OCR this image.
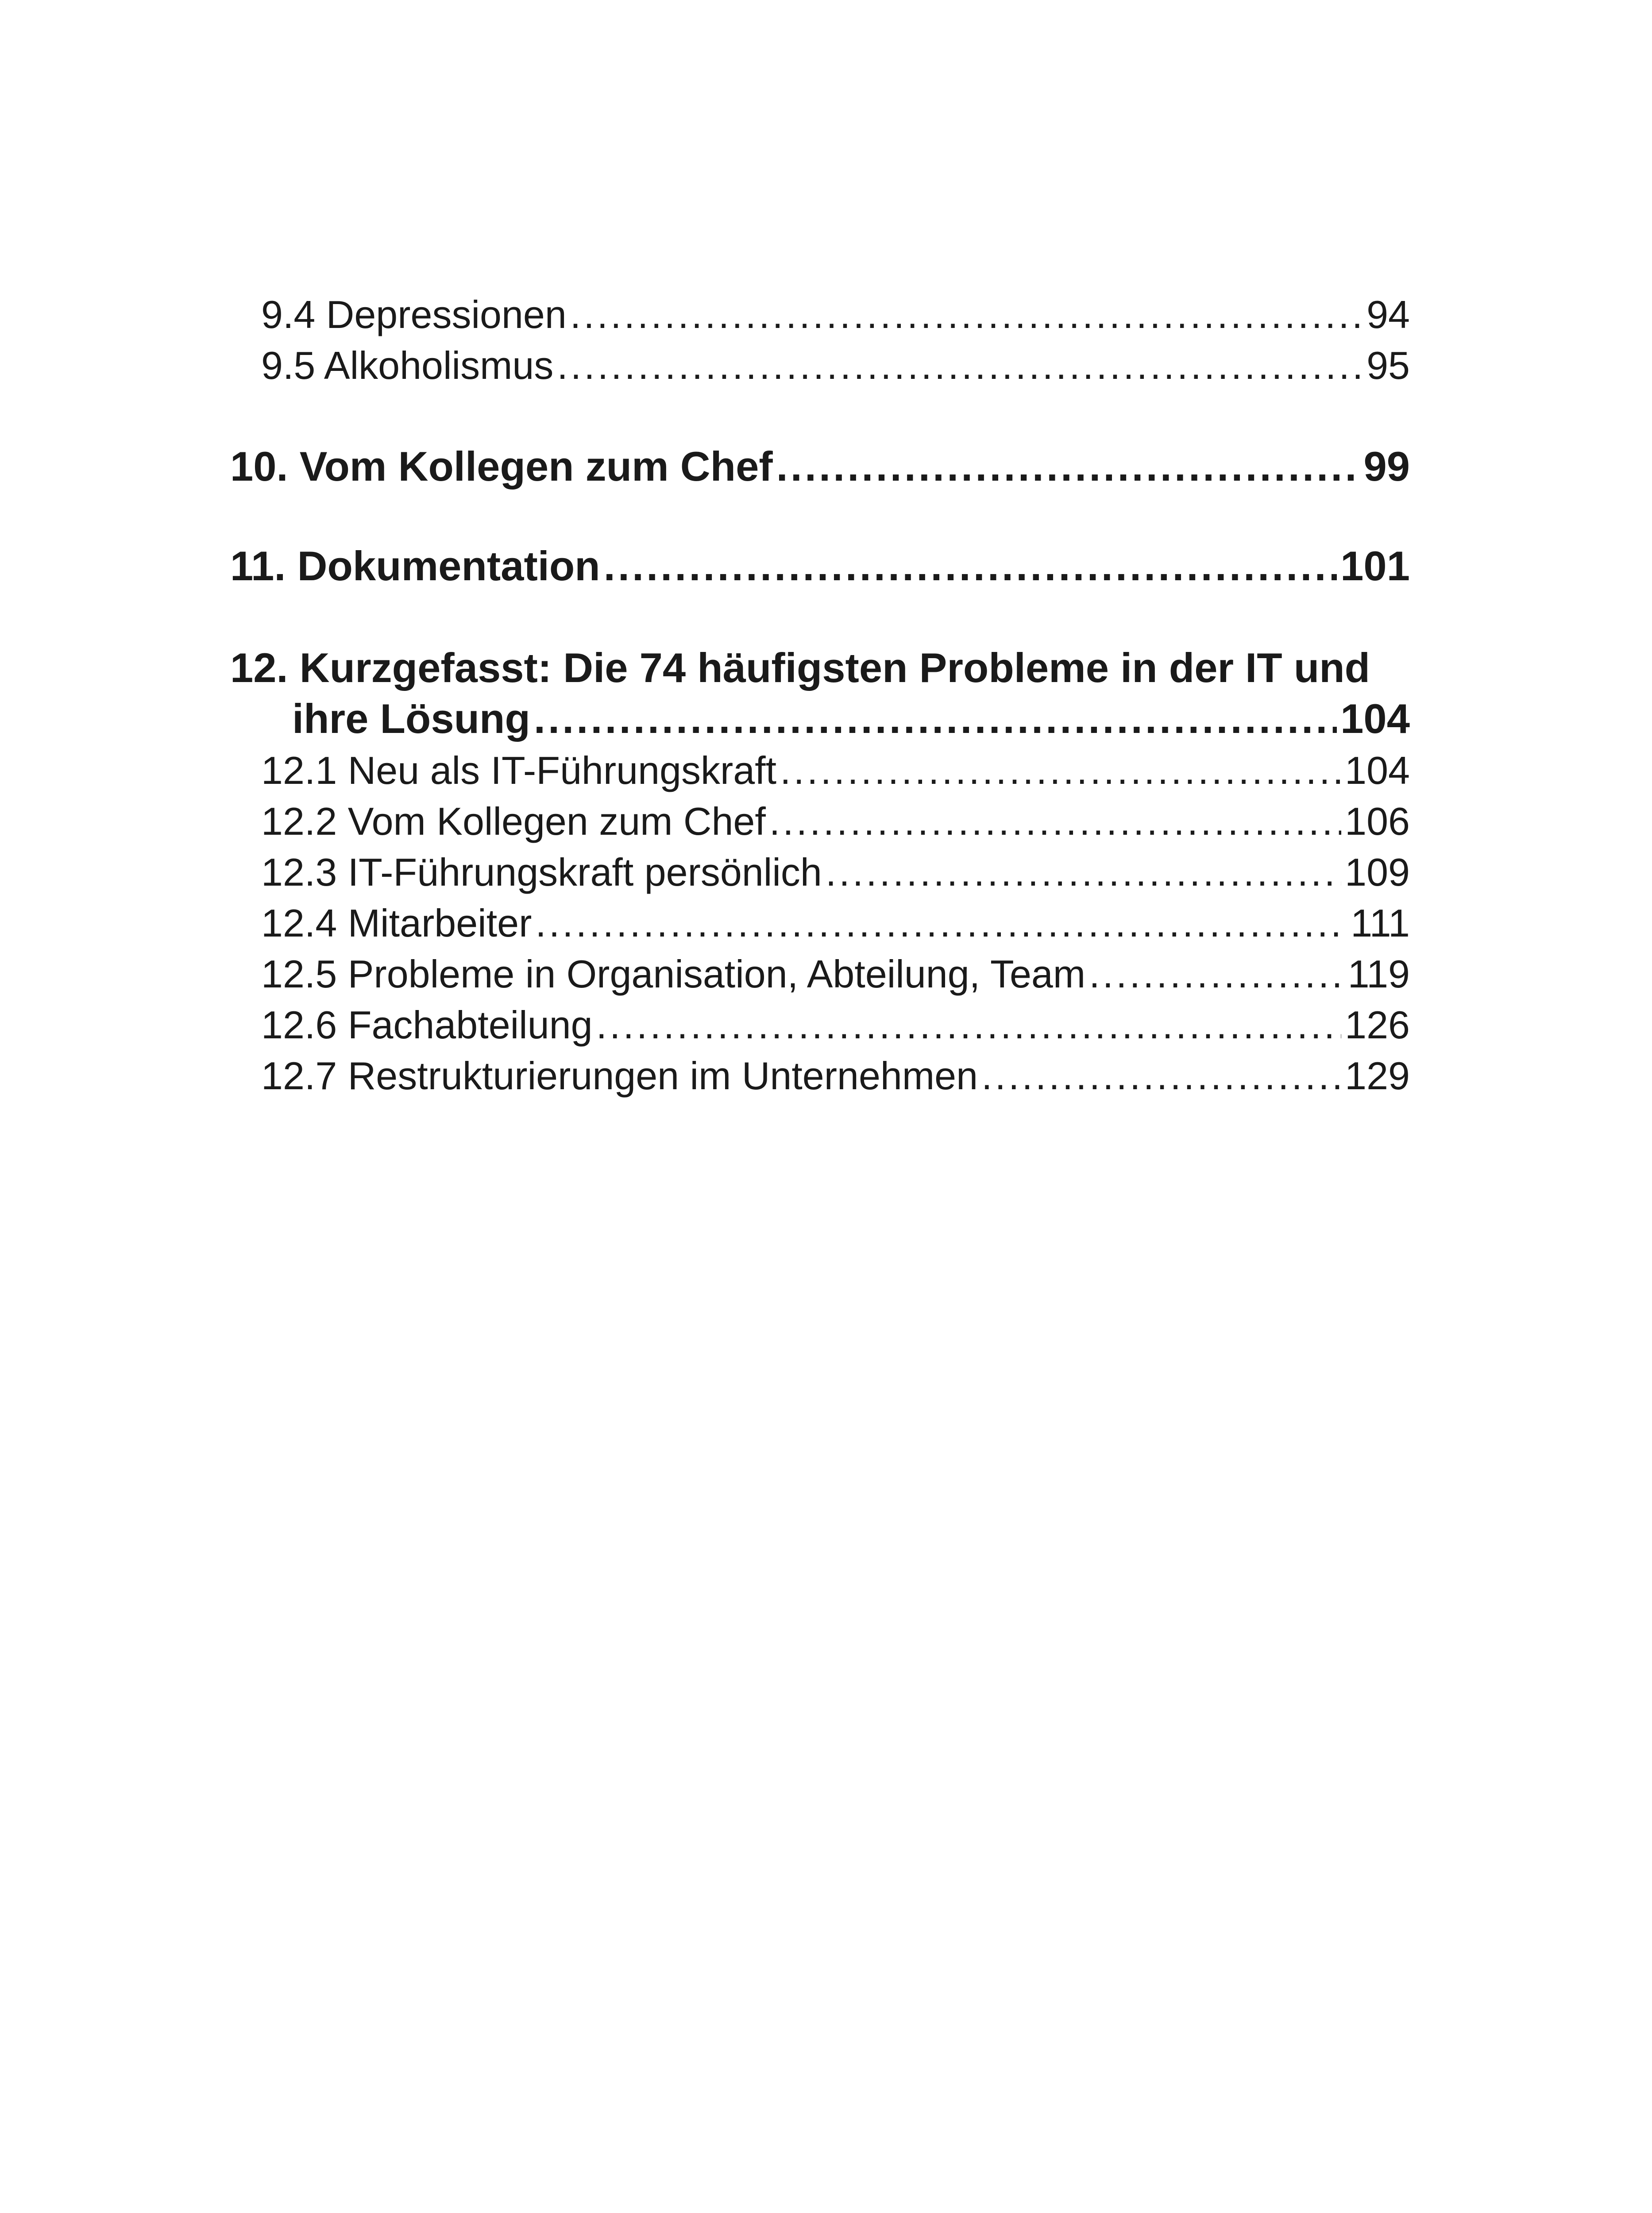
9.4 Depressionen .....	94
9.5 Alkoholismus .....	95
10. Vom Kollegen zum Chef .....	99
11. Dokumentation .....	101
12. Kurzgefasst: Die 74 häufigsten Probleme in der IT und
ihre Lösung .....	104
12.1 Neu als IT-Führungskraft .....	104
12.2 Vom Kollegen zum Chef .....	106
12.3 IT-Führungskraft persönlich .....	109
12.4 Mitarbeiter .....	111
12.5 Probleme in Organisation, Abteilung, Team .....	119
12.6 Fachabteilung .....	126
12.7 Restrukturierungen im Unternehmen .....	129
